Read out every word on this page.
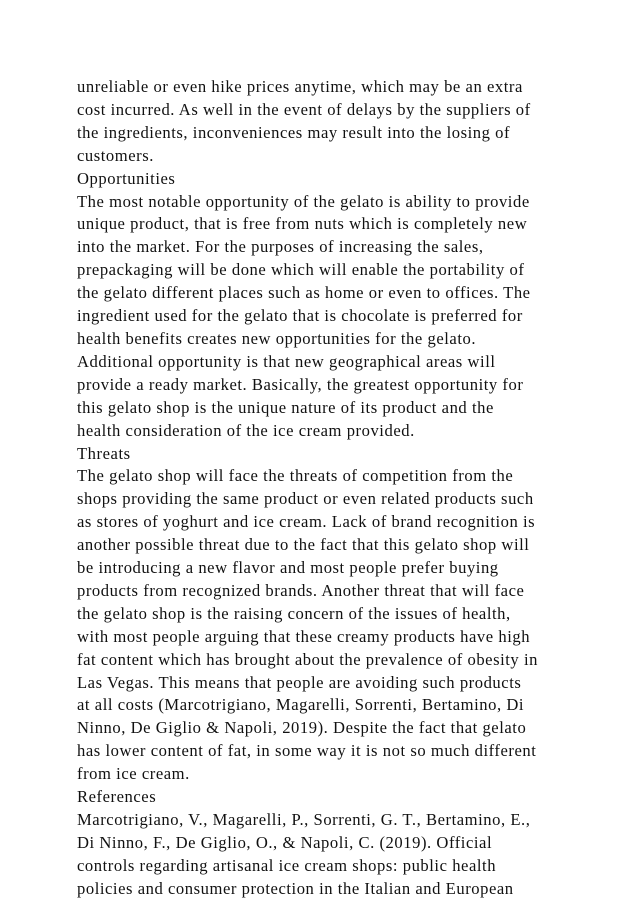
unreliable or even hike prices anytime, which may be an extra
cost incurred. As well in the event of delays by the suppliers of
the ingredients, inconveniences may result into the losing of
customers.
Opportunities
The most notable opportunity of the gelato is ability to provide
unique product, that is free from nuts which is completely new
into the market. For the purposes of increasing the sales,
prepackaging will be done which will enable the portability of
the gelato different places such as home or even to offices. The
ingredient used for the gelato that is chocolate is preferred for
health benefits creates new opportunities for the gelato.
Additional opportunity is that new geographical areas will
provide a ready market. Basically, the greatest opportunity for
this gelato shop is the unique nature of its product and the
health consideration of the ice cream provided.
Threats
The gelato shop will face the threats of competition from the
shops providing the same product or even related products such
as stores of yoghurt and ice cream. Lack of brand recognition is
another possible threat due to the fact that this gelato shop will
be introducing a new flavor and most people prefer buying
products from recognized brands. Another threat that will face
the gelato shop is the raising concern of the issues of health,
with most people arguing that these creamy products have high
fat content which has brought about the prevalence of obesity in
Las Vegas. This means that people are avoiding such products
at all costs (Marcotrigiano, Magarelli, Sorrenti, Bertamino, Di
Ninno, De Giglio & Napoli, 2019). Despite the fact that gelato
has lower content of fat, in some way it is not so much different
from ice cream.
References
Marcotrigiano, V., Magarelli, P., Sorrenti, G. T., Bertamino, E.,
Di Ninno, F., De Giglio, O., & Napoli, C. (2019). Official
controls regarding artisanal ice cream shops: public health
policies and consumer protection in the Italian and European
